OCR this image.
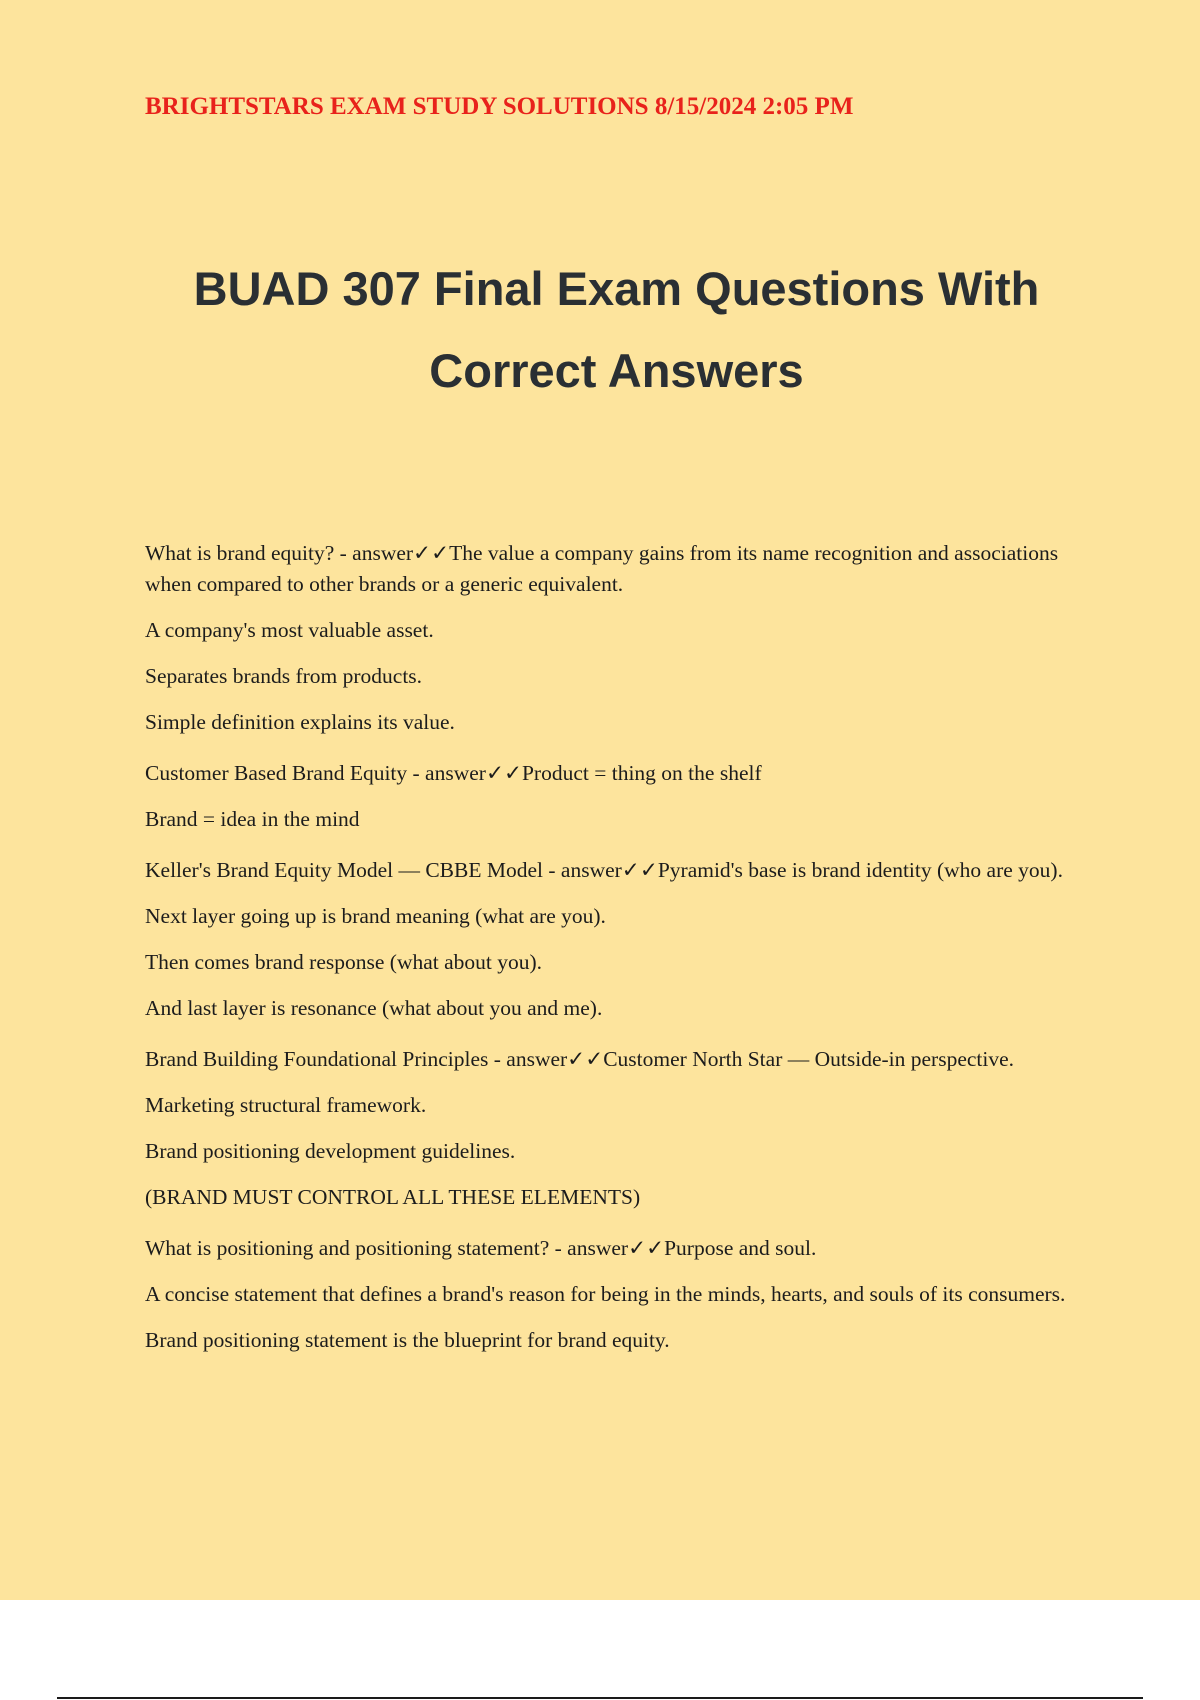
BRIGHTSTARS EXAM STUDY SOLUTIONS 8/15/2024 2:05 PM
BUAD 307 Final Exam Questions With
Correct Answers

What is brand equity? - answer✓✓The value a company gains from its name recognition and associations when compared to other brands or a generic equivalent.

A company's most valuable asset.

Separates brands from products.

Simple definition explains its value.

Customer Based Brand Equity - answer✓✓Product = thing on the shelf

Brand = idea in the mind

Keller's Brand Equity Model — CBBE Model - answer✓✓Pyramid's base is brand identity (who are you).

Next layer going up is brand meaning (what are you).

Then comes brand response (what about you).

And last layer is resonance (what about you and me).

Brand Building Foundational Principles - answer✓✓Customer North Star — Outside-in perspective.

Marketing structural framework.

Brand positioning development guidelines.

(BRAND MUST CONTROL ALL THESE ELEMENTS)

What is positioning and positioning statement? - answer✓✓Purpose and soul.

A concise statement that defines a brand's reason for being in the minds, hearts, and souls of its consumers.

Brand positioning statement is the blueprint for brand equity.
